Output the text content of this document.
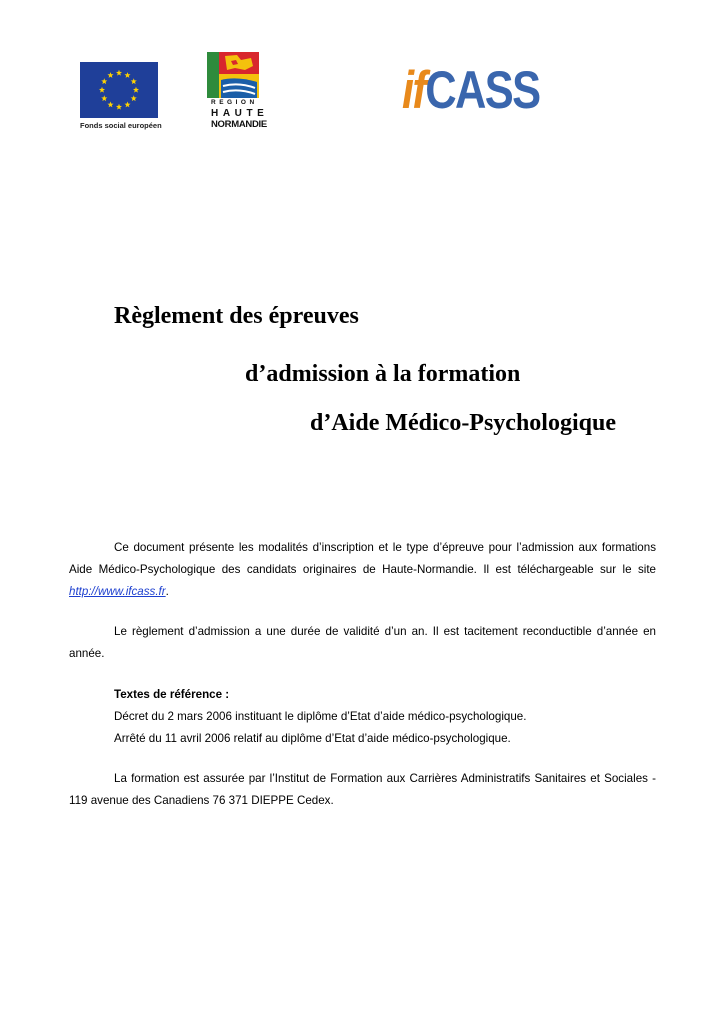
Fonds social européen
REGION
HAUTE
NORMANDIE
ifCASS
Règlement des épreuves
d’admission à la formation
d’Aide Médico-Psychologique

Ce document présente les modalités d’inscription et le type d’épreuve pour l’admission aux formations Aide Médico-Psychologique des candidats originaires de Haute-Normandie. Il est téléchargeable sur le site http://www.ifcass.fr.

Le règlement d’admission a une durée de validité d’un an. Il est tacitement reconductible d’année en année.

Textes de référence :
Décret du 2 mars 2006 instituant le diplôme d’Etat d’aide médico-psychologique.
Arrêté du 11 avril 2006 relatif au diplôme d’Etat d’aide médico-psychologique.

La formation est assurée par l’Institut de Formation aux Carrières Administratifs Sanitaires et Sociales - 119 avenue des Canadiens 76 371 DIEPPE Cedex.
